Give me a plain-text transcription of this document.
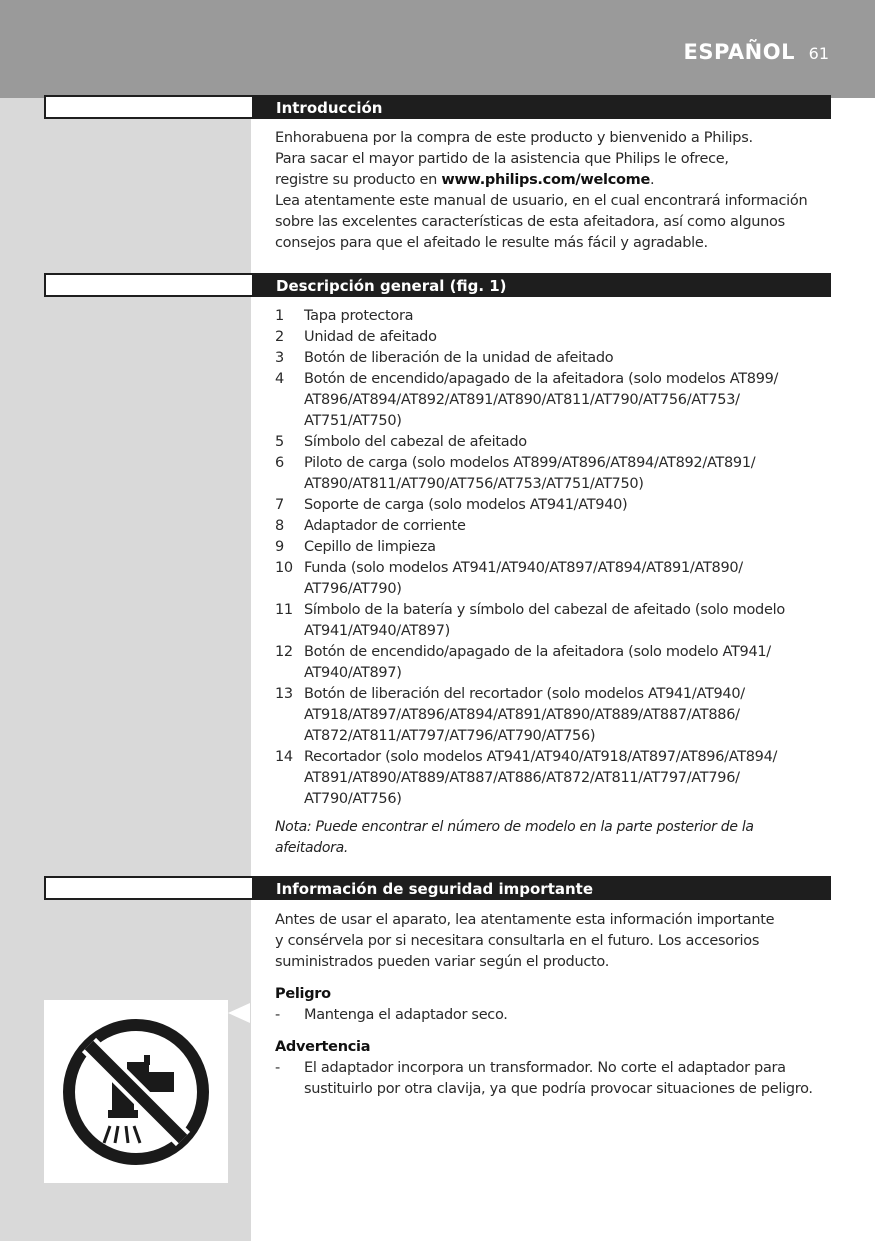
ESPAÑOL 61
Introducción

Enhorabuena por la compra de este producto y bienvenido a Philips.

Para sacar el mayor partido de la asistencia que Philips le ofrece,

registre su producto en www.philips.com/welcome.

Lea atentamente este manual de usuario, en el cual encontrará información

sobre las excelentes características de esta afeitadora, así como algunos

consejos para que el afeitado le resulte más fácil y agradable.

Descripción general (fig. 1)
1 Tapa protectora
2 Unidad de afeitado
3 Botón de liberación de la unidad de afeitado
4 Botón de encendido/apagado de la afeitadora (solo modelos AT899/
AT896/AT894/AT892/AT891/AT890/AT811/AT790/AT756/AT753/
AT751/AT750)
5 Símbolo del cabezal de afeitado
6 Piloto de carga (solo modelos AT899/AT896/AT894/AT892/AT891/
AT890/AT811/AT790/AT756/AT753/AT751/AT750)
7 Soporte de carga (solo modelos AT941/AT940)
8 Adaptador de corriente
9 Cepillo de limpieza
10 Funda (solo modelos AT941/AT940/AT897/AT894/AT891/AT890/
AT796/AT790)
11 Símbolo de la batería y símbolo del cabezal de afeitado (solo modelo
AT941/AT940/AT897)
12 Botón de encendido/apagado de la afeitadora (solo modelo AT941/
AT940/AT897)
13 Botón de liberación del recortador (solo modelos AT941/AT940/
AT918/AT897/AT896/AT894/AT891/AT890/AT889/AT887/AT886/
AT872/AT811/AT797/AT796/AT790/AT756)
14 Recortador (solo modelos AT941/AT940/AT918/AT897/AT896/AT894/
AT891/AT890/AT889/AT887/AT886/AT872/AT811/AT797/AT796/
AT790/AT756)
Nota: Puede encontrar el número de modelo en la parte posterior de la
afeitadora.
Información de seguridad importante

Antes de usar el aparato, lea atentamente esta información importante

y consérvela por si necesitara consultarla en el futuro. Los accesorios

suministrados pueden variar según el producto.

Peligro

- Mantenga el adaptador seco.

Advertencia

- El adaptador incorpora un transformador. No corte el adaptador para
sustituirlo por otra clavija, ya que podría provocar situaciones de peligro.
